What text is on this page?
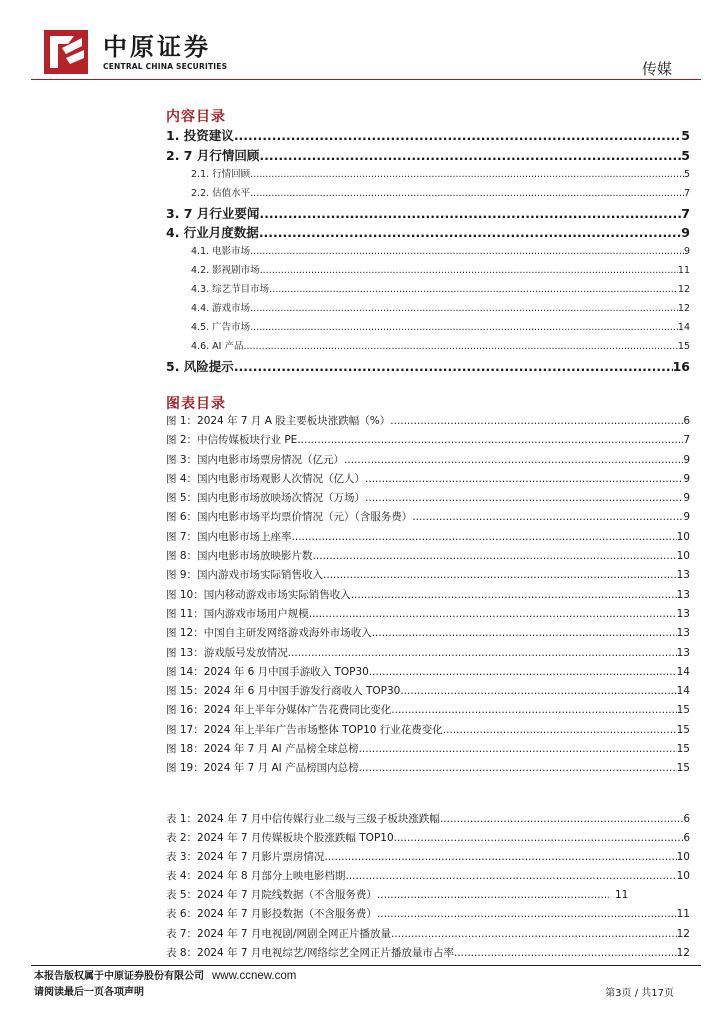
中原证券
CENTRAL CHINA SECURITIES	传媒
内容目录
1. 投资建议 .....	5
2. 7 月行情回顾 .....	5
2.1. 行情回顾 .....	5
2.2. 估值水平 .....	7
3. 7 月行业要闻 .....	7
4. 行业月度数据 .....	9
4.1. 电影市场 .....	9
4.2. 影视剧市场 .....	11
4.3. 综艺节目市场 .....	12
4.4. 游戏市场 .....	12
4.5. 广告市场 .....	14
4.6. AI 产品 .....	15
5. 风险提示 .....	16
图表目录
图 1：2024 年 7 月 A 股主要板块涨跌幅（%） .....	6
图 2：中信传媒板块行业 PE .....	7
图 3：国内电影市场票房情况（亿元） .....	9
图 4：国内电影市场观影人次情况（亿人） .....	9
图 5：国内电影市场放映场次情况（万场） .....	9
图 6：国内电影市场平均票价情况（元）（含服务费） .....	9
图 7：国内电影市场上座率 .....	10
图 8：国内电影市场放映影片数 .....	10
图 9：国内游戏市场实际销售收入 .....	13
图 10：国内移动游戏市场实际销售收入 .....	13
图 11：国内游戏市场用户规模 .....	13
图 12：中国自主研发网络游戏海外市场收入 .....	13
图 13：游戏版号发放情况 .....	13
图 14：2024 年 6 月中国手游收入 TOP30 .....	14
图 15：2024 年 6 月中国手游发行商收入 TOP30 .....	14
图 16：2024 年上半年分媒体广告花费同比变化 .....	15
图 17：2024 年上半年广告市场整体 TOP10 行业花费变化 .....	15
图 18：2024 年 7 月 AI 产品榜全球总榜 .....	15
图 19：2024 年 7 月 AI 产品榜国内总榜 .....	15
表 1：2024 年 7 月中信传媒行业二级与三级子板块涨跌幅 .....	6
表 2：2024 年 7 月传媒板块个股涨跌幅 TOP10 .....	6
表 3：2024 年 7 月影片票房情况 .....	10
表 4：2024 年 8 月部分上映电影档期 .....	10
表 5：2024 年 7 月院线数据（不含服务费） .....	11
表 6：2024 年 7 月影投数据（不含服务费） .....	11
表 7：2024 年 7 月电视剧/网剧全网正片播放量 .....	12
表 8：2024 年 7 月电视综艺/网络综艺全网正片播放量市占率 .....	12
本报告版权属于中原证券股份有限公司 www.ccnew.com
请阅读最后一页各项声明	第3页 / 共17页
